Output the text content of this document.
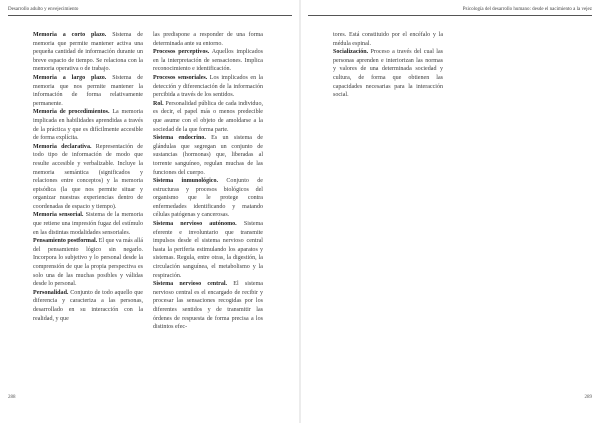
Desarrollo adulto y envejecimiento

Memoria a corto plazo. Sistema de memoria que permite mantener activa una pequeña cantidad de información durante un breve espacio de tiempo. Se relaciona con la memoria operativa o de trabajo.

Memoria a largo plazo. Sistema de memoria que nos permite mantener la información de forma relativamente permanente.

Memoria de procedimientos. La memoria implicada en habilidades aprendidas a través de la práctica y que es difícilmente accesible de forma explícita.

Memoria declarativa. Representación de todo tipo de información de modo que resulte accesible y verbalizable. Incluye la memoria semántica (significados y relaciones entre conceptos) y la memoria episódica (la que nos permite situar y organizar nuestras experiencias dentro de coordenadas de espacio y tiempo).

Memoria sensorial. Sistema de la memoria que retiene una impresión fugaz del estímulo en las distintas modalidades sensoriales.

Pensamiento postformal. El que va más allá del pensamiento lógico sin negarlo. Incorpora lo subjetivo y lo personal desde la comprensión de que la propia perspectiva es solo una de las muchas posibles y válidas desde lo personal.

Personalidad. Conjunto de todo aquello que diferencia y caracteriza a las personas, desarrollado en su interacción con la realidad, y que

las predispone a responder de una forma determinada ante su entorno.

Procesos perceptivos. Aquellos implicados en la interpretación de sensaciones. Implica reconocimiento e identificación.

Procesos sensoriales. Los implicados en la detección y diferenciación de la información percibida a través de los sentidos.

Rol. Personalidad pública de cada individuo, es decir, el papel más o menos predecible que asume con el objeto de amoldarse a la sociedad de la que forma parte.

Sistema endocrino. Es un sistema de glándulas que segregan un conjunto de sustancias (hormonas) que, liberadas al torrente sanguíneo, regulan muchas de las funciones del cuerpo.

Sistema inmunológico. Conjunto de estructuras y procesos biológicos del organismo que le protege contra enfermedades identificando y matando células patógenas y cancerosas.

Sistema nervioso autónomo. Sistema eferente e involuntario que transmite impulsos desde el sistema nervioso central hasta la periferia estimulando los aparatos y sistemas. Regula, entre otras, la digestión, la circulación sanguínea, el metabolismo y la respiración.

Sistema nervioso central. El sistema nervioso central es el encargado de recibir y procesar las sensaciones recogidas por los diferentes sentidos y de transmitir las órdenes de respuesta de forma precisa a los distintos efec-

288
Psicología del desarrollo humano: desde el nacimiento a la vejez

tores. Está constituido por el encéfalo y la médula espinal.

Socialización. Proceso a través del cual las personas aprenden e interiorizan las normas y valores de una determinada sociedad y cultura, de forma que obtienen las capacidades necesarias para la interacción social.

289
